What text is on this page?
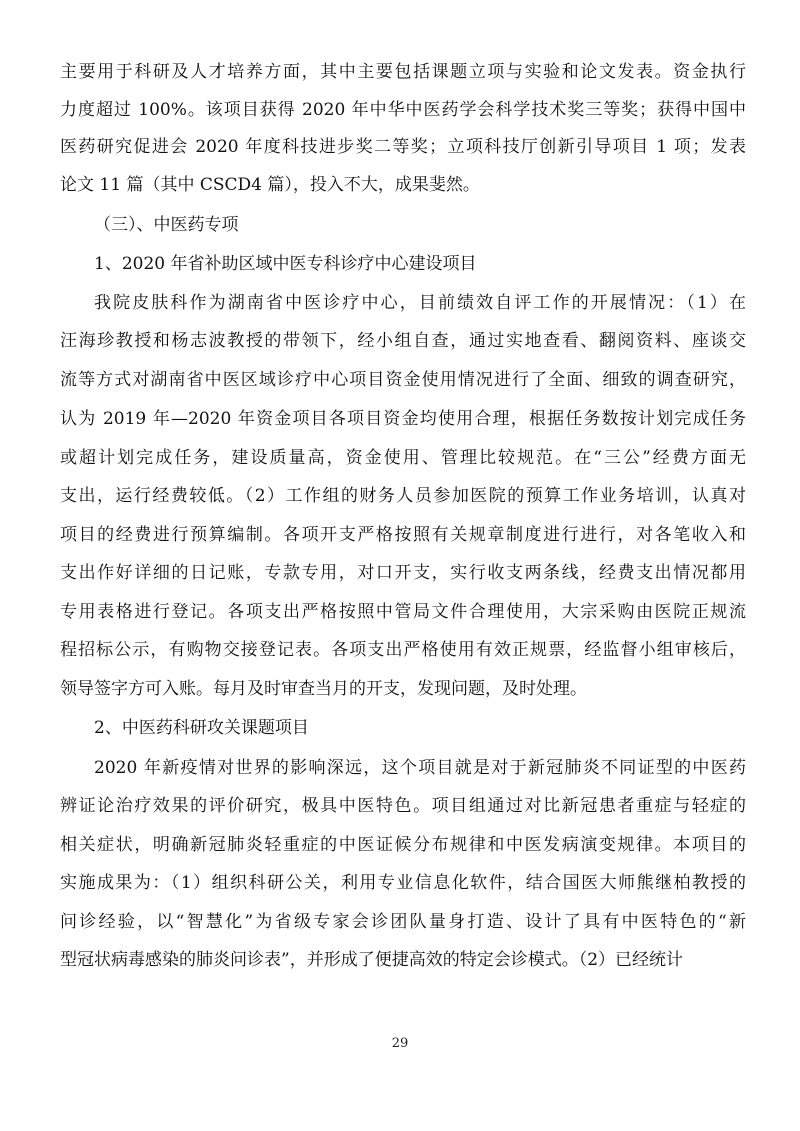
主要用于科研及人才培养方面，其中主要包括课题立项与实验和论文发表。资金执行
力度超过 100%。该项目获得 2020 年中华中医药学会科学技术奖三等奖；获得中国中
医药研究促进会 2020 年度科技进步奖二等奖；立项科技厅创新引导项目 1 项；发表
论文 11 篇（其中 CSCD4 篇），投入不大，成果斐然。
（三）、中医药专项
1、2020 年省补助区域中医专科诊疗中心建设项目
我院皮肤科作为湖南省中医诊疗中心，目前绩效自评工作的开展情况：（1）在
汪海珍教授和杨志波教授的带领下，经小组自查，通过实地查看、翻阅资料、座谈交
流等方式对湖南省中医区域诊疗中心项目资金使用情况进行了全面、细致的调查研究，
认为 2019 年—2020 年资金项目各项目资金均使用合理，根据任务数按计划完成任务
或超计划完成任务，建设质量高，资金使用、管理比较规范。在“三公”经费方面无
支出，运行经费较低。（2）工作组的财务人员参加医院的预算工作业务培训，认真对
项目的经费进行预算编制。各项开支严格按照有关规章制度进行进行，对各笔收入和
支出作好详细的日记账，专款专用，对口开支，实行收支两条线，经费支出情况都用
专用表格进行登记。各项支出严格按照中管局文件合理使用，大宗采购由医院正规流
程招标公示，有购物交接登记表。各项支出严格使用有效正规票，经监督小组审核后，
领导签字方可入账。每月及时审查当月的开支，发现问题，及时处理。
2、中医药科研攻关课题项目
2020 年新疫情对世界的影响深远，这个项目就是对于新冠肺炎不同证型的中医药
辨证论治疗效果的评价研究，极具中医特色。项目组通过对比新冠患者重症与轻症的
相关症状，明确新冠肺炎轻重症的中医证候分布规律和中医发病演变规律。本项目的
实施成果为：（1）组织科研公关，利用专业信息化软件，结合国医大师熊继柏教授的
问诊经验，以“智慧化”为省级专家会诊团队量身打造、设计了具有中医特色的“新
型冠状病毒感染的肺炎问诊表”，并形成了便捷高效的特定会诊模式。（2）已经统计
29
